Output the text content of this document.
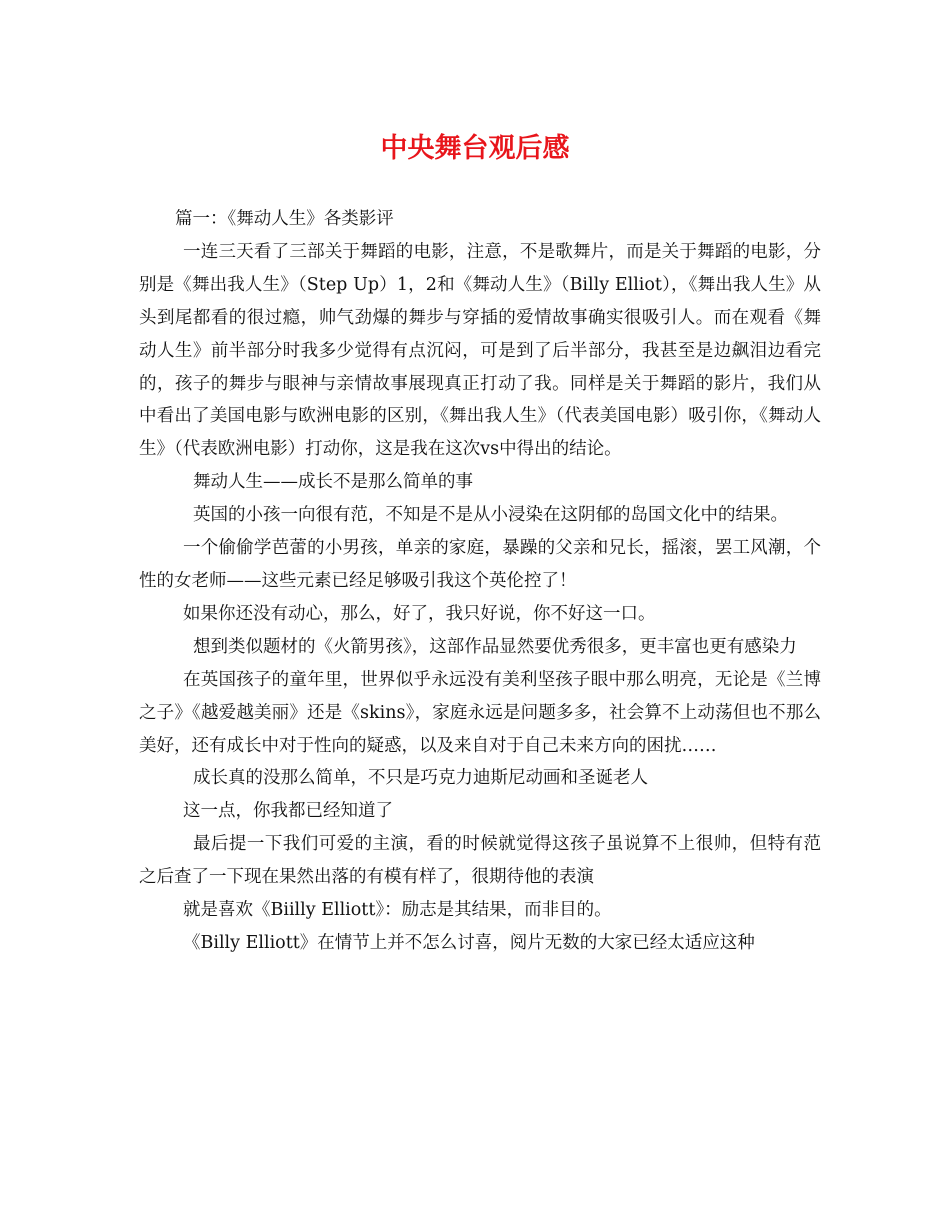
中央舞台观后感

篇一：《舞动人生》各类影评

一连三天看了三部关于舞蹈的电影，注意，不是歌舞片，而是关于舞蹈的电影，分别是《舞出我人生》（Step Up）1，2和《舞动人生》（Billy Elliot），《舞出我人生》从头到尾都看的很过瘾，帅气劲爆的舞步与穿插的爱情故事确实很吸引人。而在观看《舞动人生》前半部分时我多少觉得有点沉闷，可是到了后半部分，我甚至是边飙泪边看完的，孩子的舞步与眼神与亲情故事展现真正打动了我。同样是关于舞蹈的影片，我们从中看出了美国电影与欧洲电影的区别，《舞出我人生》（代表美国电影）吸引你，《舞动人生》（代表欧洲电影）打动你，这是我在这次vs中得出的结论。

舞动人生——成长不是那么简单的事

英国的小孩一向很有范，不知是不是从小浸染在这阴郁的岛国文化中的结果。

一个偷偷学芭蕾的小男孩，单亲的家庭，暴躁的父亲和兄长，摇滚，罢工风潮，个性的女老师——这些元素已经足够吸引我这个英伦控了！

如果你还没有动心，那么，好了，我只好说，你不好这一口。

想到类似题材的《火箭男孩》，这部作品显然要优秀很多，更丰富也更有感染力

在英国孩子的童年里，世界似乎永远没有美利坚孩子眼中那么明亮，无论是《兰博之子》《越爱越美丽》还是《skins》，家庭永远是问题多多，社会算不上动荡但也不那么美好，还有成长中对于性向的疑惑，以及来自对于自己未来方向的困扰……

成长真的没那么简单，不只是巧克力迪斯尼动画和圣诞老人

这一点，你我都已经知道了

最后提一下我们可爱的主演，看的时候就觉得这孩子虽说算不上很帅，但特有范 之后查了一下现在果然出落的有模有样了，很期待他的表演

就是喜欢《Biilly Elliott》：励志是其结果，而非目的。

《Billy Elliott》在情节上并不怎么讨喜，阅片无数的大家已经太适应这种
